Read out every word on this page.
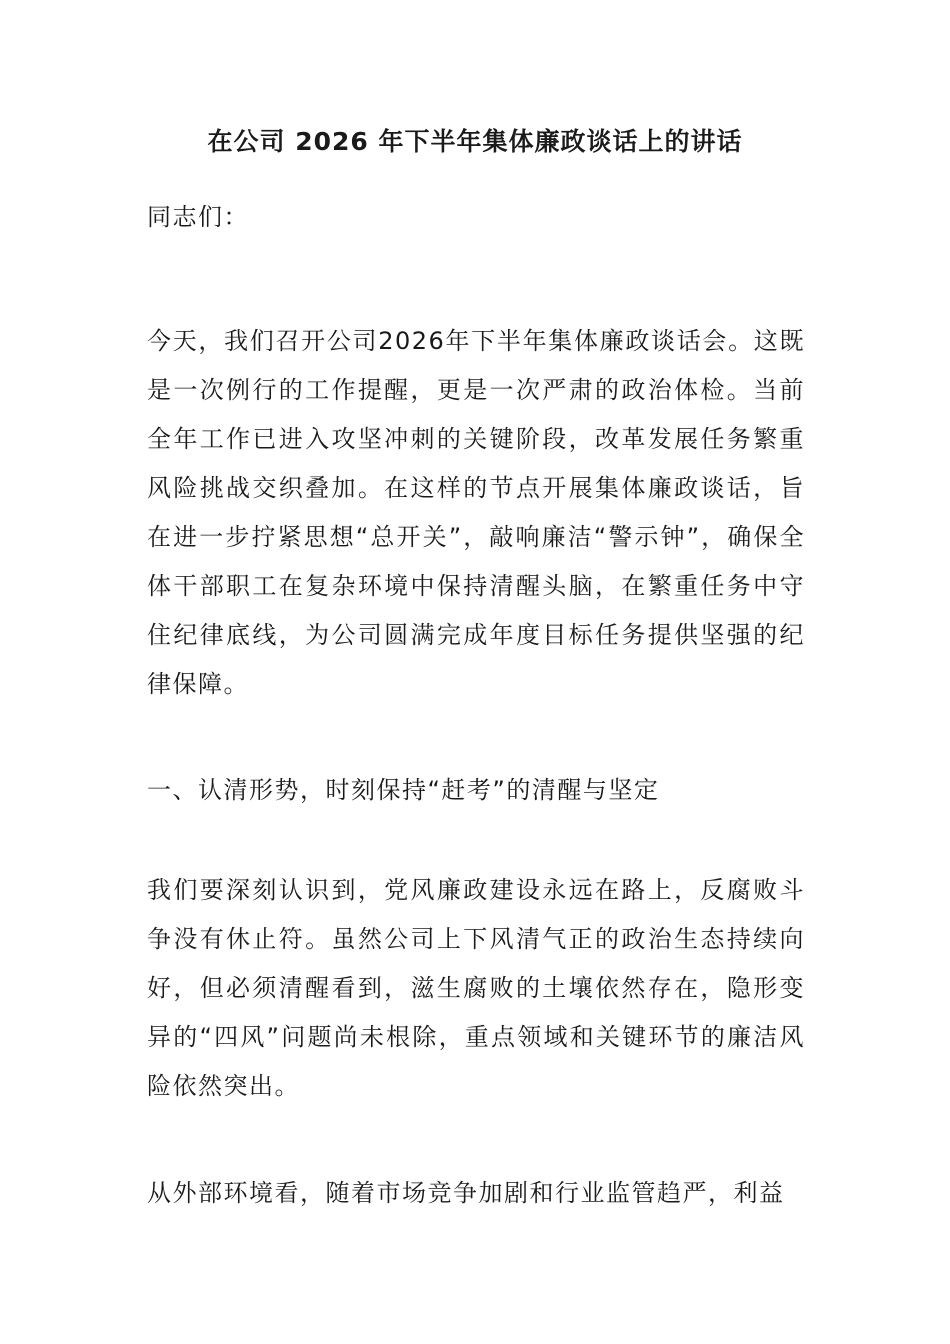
在公司 2026 年下半年集体廉政谈话上的讲话

同志们：

今天，我们召开公司2026年下半年集体廉政谈话会。这既是一次例行的工作提醒，更是一次严肃的政治体检。当前全年工作已进入攻坚冲刺的关键阶段，改革发展任务繁重风险挑战交织叠加。在这样的节点开展集体廉政谈话，旨在进一步拧紧思想“总开关”，敲响廉洁“警示钟”，确保全体干部职工在复杂环境中保持清醒头脑，在繁重任务中守住纪律底线，为公司圆满完成年度目标任务提供坚强的纪律保障。

一、认清形势，时刻保持“赶考”的清醒与坚定

我们要深刻认识到，党风廉政建设永远在路上，反腐败斗争没有休止符。虽然公司上下风清气正的政治生态持续向好，但必须清醒看到，滋生腐败的土壤依然存在，隐形变异的“四风”问题尚未根除，重点领域和关键环节的廉洁风险依然突出。

从外部环境看，随着市场竞争加剧和行业监管趋严，利益
